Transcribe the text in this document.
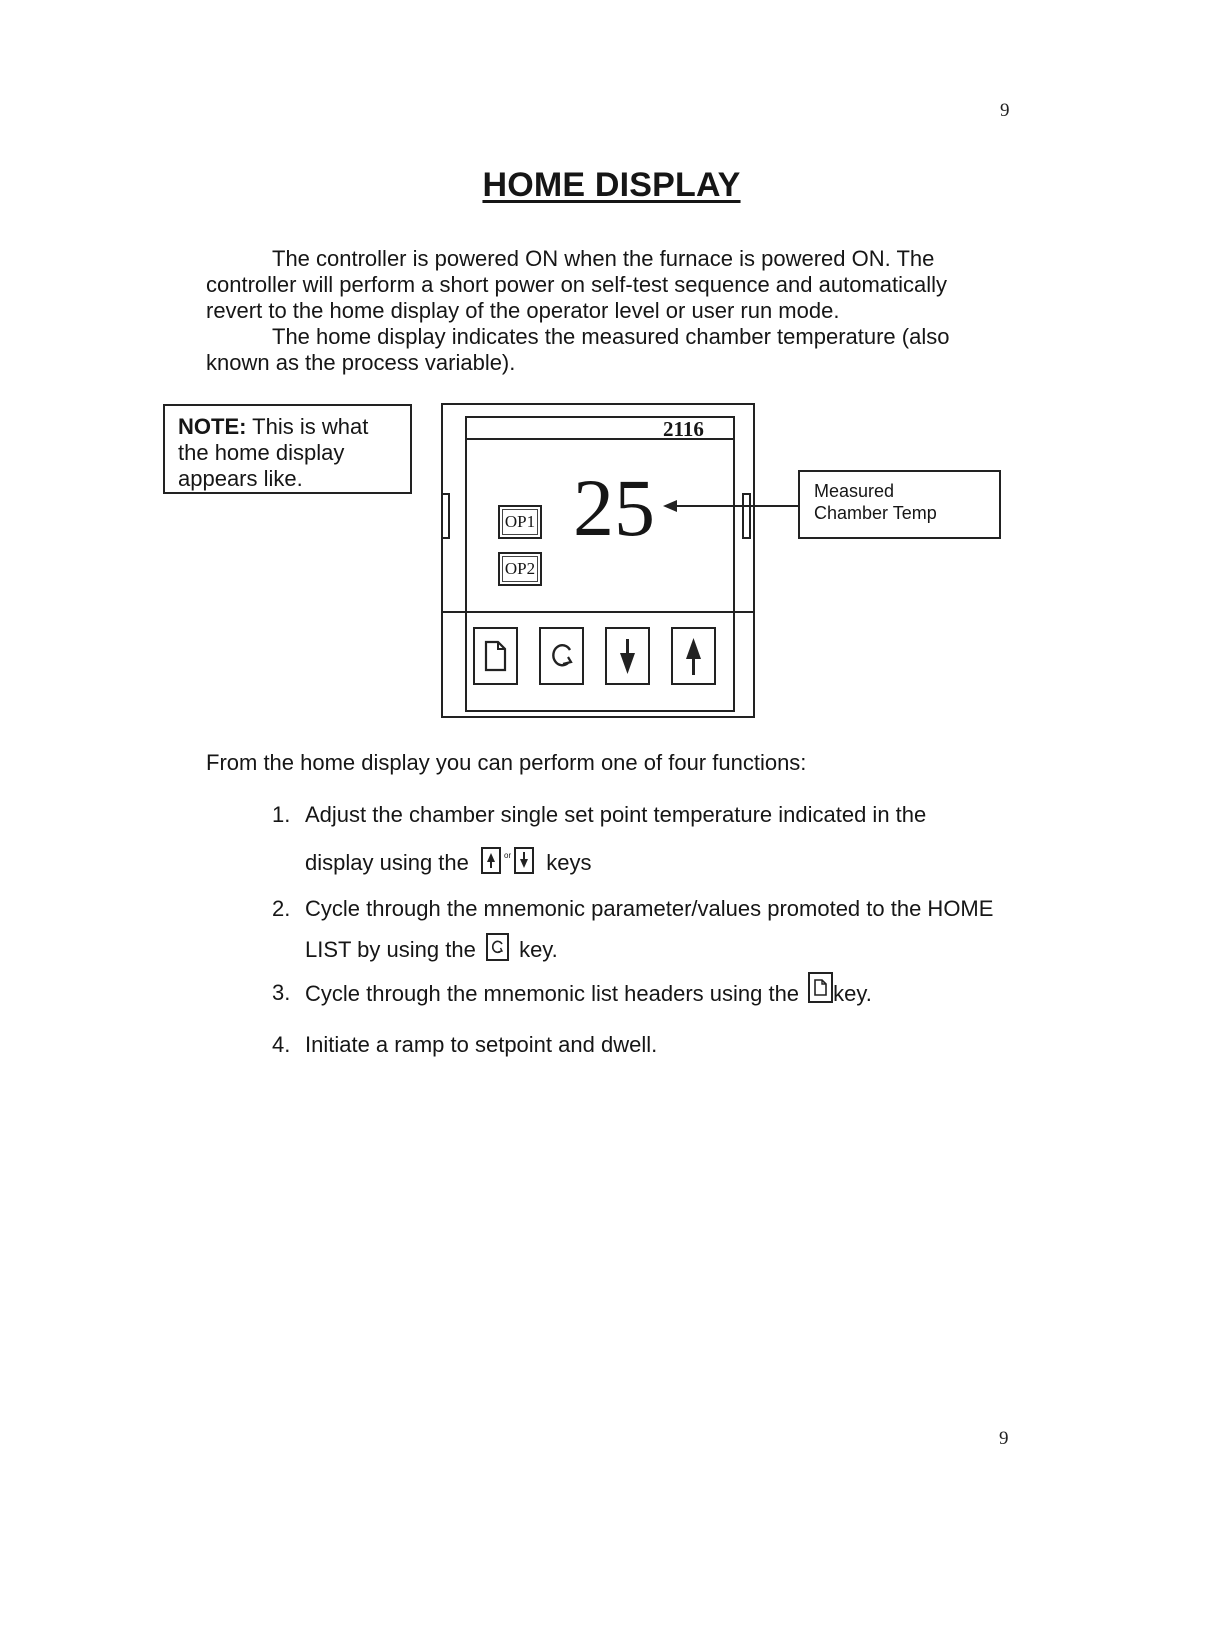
9
9
HOME DISPLAY

The controller is powered ON when the furnace is powered ON. The controller will perform a short power on self-test sequence and automatically revert to the home display of the operator level or user run mode.

The home display indicates the measured chamber temperature (also known as the process variable).

NOTE: This is what the home display appears like.
2116
25
OP1
OP2
Measured
Chamber Temp
From the home display you can perform one of four functions:
1. Adjust the chamber single set point temperature indicated in the
display using the	$^{or}$ keys
2. Cycle through the mnemonic parameter/values promoted to the HOME
LIST by using the key.
3. Cycle through the mnemonic list headers using the key.
4. Initiate a ramp to setpoint and dwell.
